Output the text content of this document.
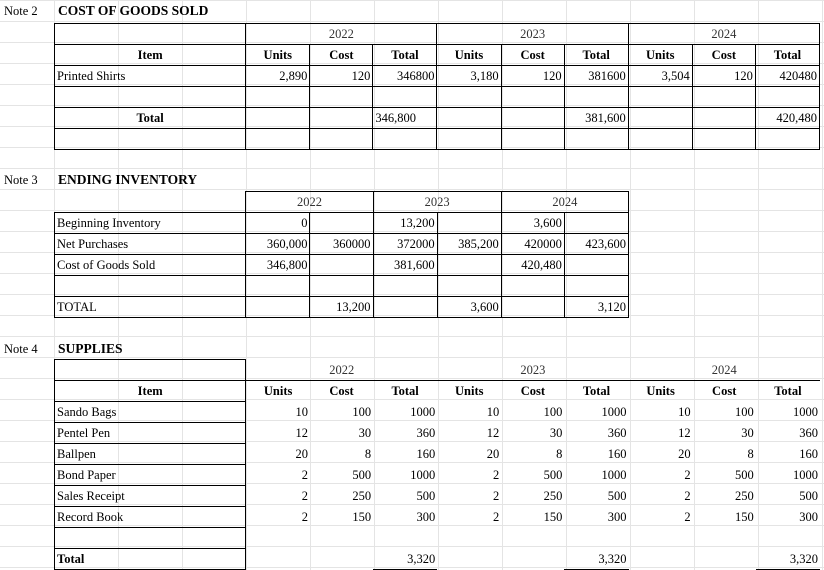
Note 2 COST OF GOODS SOLD
	2022			2023			2024		
Item	Units	Cost	Total	Units	Cost	Total	Units	Cost	Total
Printed Shirts	2,890	120	346800	3,180	120	381600	3,504	120	420480

Total			346,800			381,600			420,480

Note 3 ENDING INVENTORY
	2022		2023		2024	
Beginning Inventory	0		13,200		3,600	
Net Purchases	360,000	360000	372000	385,200	420000	423,600
Cost of Goods Sold	346,800		381,600		420,480	

TOTAL		13,200		3,600		3,120
Note 4 SUPPLIES
	2022			2023			2024		
Item	Units	Cost	Total	Units	Cost	Total	Units	Cost	Total
Sando Bags	10	100	1000	10	100	1000	10	100	1000
Pentel Pen	12	30	360	12	30	360	12	30	360
Ballpen	20	8	160	20	8	160	20	8	160
Bond Paper	2	500	1000	2	500	1000	2	500	1000
Sales Receipt	2	250	500	2	250	500	2	250	500
Record Book	2	150	300	2	150	300	2	150	300

Total			3,320			3,320			3,320
